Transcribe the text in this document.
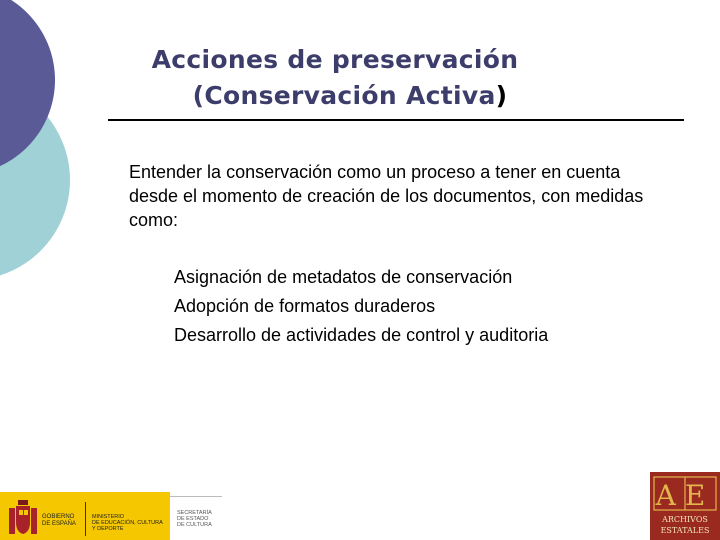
Acciones de preservación
(Conservación Activa)
Entender la conservación como un proceso a tener en cuenta desde el momento de creación de los documentos, con medidas como:
Asignación de metadatos de conservación
Adopción de formatos duraderos
Desarrollo de actividades de control y auditoria
GOBIERNO
DE ESPAÑA
MINISTERIO
DE EDUCACIÓN, CULTURA
Y DEPORTE
SECRETARÍA
DE ESTADO
DE CULTURA
AE
ARCHIVOS
ESTATALES
